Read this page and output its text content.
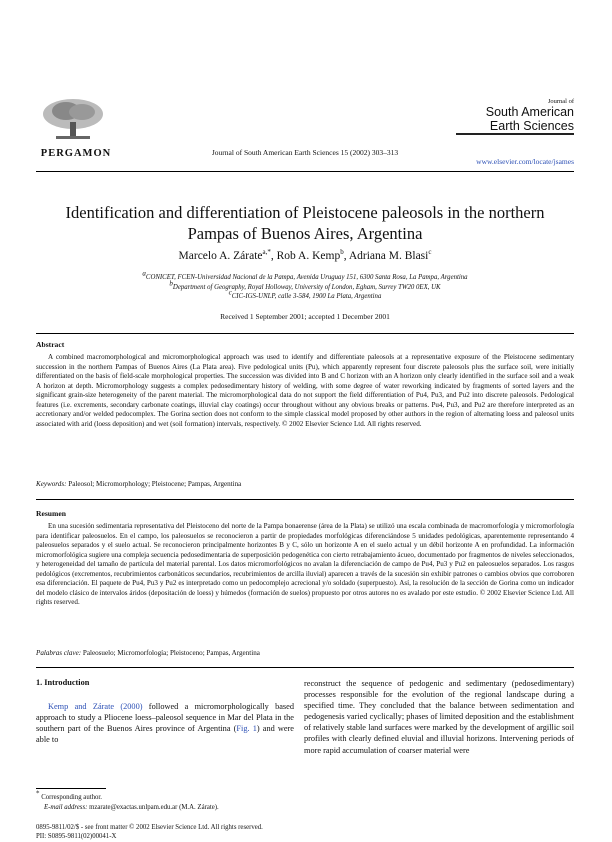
PERGAMON	Journal of South American Earth Sciences 15 (2002) 303–313
Journal of
South American
Earth Sciences
www.elsevier.com/locate/jsames
Identification and differentiation of Pleistocene paleosols in the northern
Pampas of Buenos Aires, Argentina
Marcelo A. Zárate$^{a,*}$, Rob A. Kemp$^b$, Adriana M. Blasi$^c$
$^a$CONICET, FCEN-Universidad Nacional de la Pampa, Avenida Uruguay 151, 6300 Santa Rosa, La Pampa, Argentina
$^b$Department of Geography, Royal Holloway, University of London, Egham, Surrey TW20 0EX, UK
$^c$CIC-IGS-UNLP, calle 3-584, 1900 La Plata, Argentina
Received 1 September 2001; accepted 1 December 2001
Abstract
A combined macromorphological and micromorphological approach was used to identify and differentiate paleosols at a representative exposure of the Pleistocene sedimentary succession in the northern Pampas of Buenos Aires (La Plata area). Five pedological units (Pu), which apparently represent four discrete paleosols plus the surface soil, were initially differentiated on the basis of field-scale morphological properties. The succession was divided into B and C horizon with an A horizon only clearly identified in the surface soil and a weak A horizon at depth. Micromorphology suggests a complex pedosedimentary history of welding, with some degree of water reworking indicated by fragments of sorted layers and the significant grain-size heterogeneity of the parent material. The micromorphological data do not support the field differentiation of Pu4, Pu3, and Pu2 into discrete paleosols. Pedological features (i.e. excrements, secondary carbonate coatings, illuvial clay coatings) occur throughout without any obvious breaks or patterns. Pu4, Pu3, and Pu2 are therefore interpreted as an accretionary and/or welded pedocomplex. The Gorina section does not conform to the simple classical model proposed by other authors in the region of alternating loess and paleosol units associated with arid (loess deposition) and wet (soil formation) intervals, respectively. © 2002 Elsevier Science Ltd. All rights reserved.
Keywords: Paleosol; Micromorphology; Pleistocene; Pampas, Argentina
Resumen
En una sucesión sedimentaria representativa del Pleistoceno del norte de la Pampa bonaerense (área de la Plata) se utilizó una escala combinada de macromorfología y micromorfología para identificar paleosuelos. En el campo, los paleosuelos se reconocieron a partir de propiedades morfológicas diferenciándose 5 unidades pedológicas, aparentemente representando 4 paleosuelos separados y el suelo actual. Se reconocieron principalmente horizontes B y C, sólo un horizonte A en el suelo actual y un débil horizonte A en profundidad. La información micromorfológica sugiere una compleja secuencia pedosedimentaria de superposición pedogenética con cierto retrabajamiento ácueo, documentado por fragmentos de niveles seleccionados, y heterogeneidad del tamaño de partícula del material parental. Los datos micromorfológicos no avalan la diferenciación de campo de Pu4, Pu3 y Pu2 en paleosuelos separados. Los rasgos pedológicos (excrementos, recubrimientos carbonáticos secundarios, recubrimientos de arcilla iluvial) aparecen a través de la sucesión sin exhibir patrones o cambios obvios que corroboren esa diferenciación. El paquete de Pu4, Pu3 y Pu2 es interpretado como un pedocomplejo acrecional y/o soldado (superpuesto). Así, la resolución de la sección de Gorina como un indicador del modelo clásico de intervalos áridos (depositación de loess) y húmedos (formación de suelos) propuesto por otros autores no es avalado por este estudio. © 2002 Elsevier Science Ltd. All rights reserved.
Palabras clave: Paleosuelo; Micromorfología; Pleistoceno; Pampas, Argentina
1. Introduction
Kemp and Zárate (2000) followed a micromorphologically based approach to study a Pliocene loess–paleosol sequence in Mar del Plata in the southern part of the Buenos Aires province of Argentina (Fig. 1) and were able to
reconstruct the sequence of pedogenic and sedimentary (pedosedimentary) processes responsible for the evolution of the regional landscape during a specified time. They concluded that the balance between sedimentation and pedogenesis varied cyclically; phases of limited deposition and the establishment of relatively stable land surfaces were marked by the development of argillic soil profiles with clearly defined eluvial and illuvial horizons. Intervening periods of more rapid accumulation of coarser material were
* Corresponding author.
E-mail address: mzarate@exactas.unlpam.edu.ar (M.A. Zárate).
0895-9811/02/$ - see front matter © 2002 Elsevier Science Ltd. All rights reserved.
PII: S0895-9811(02)00041-X
